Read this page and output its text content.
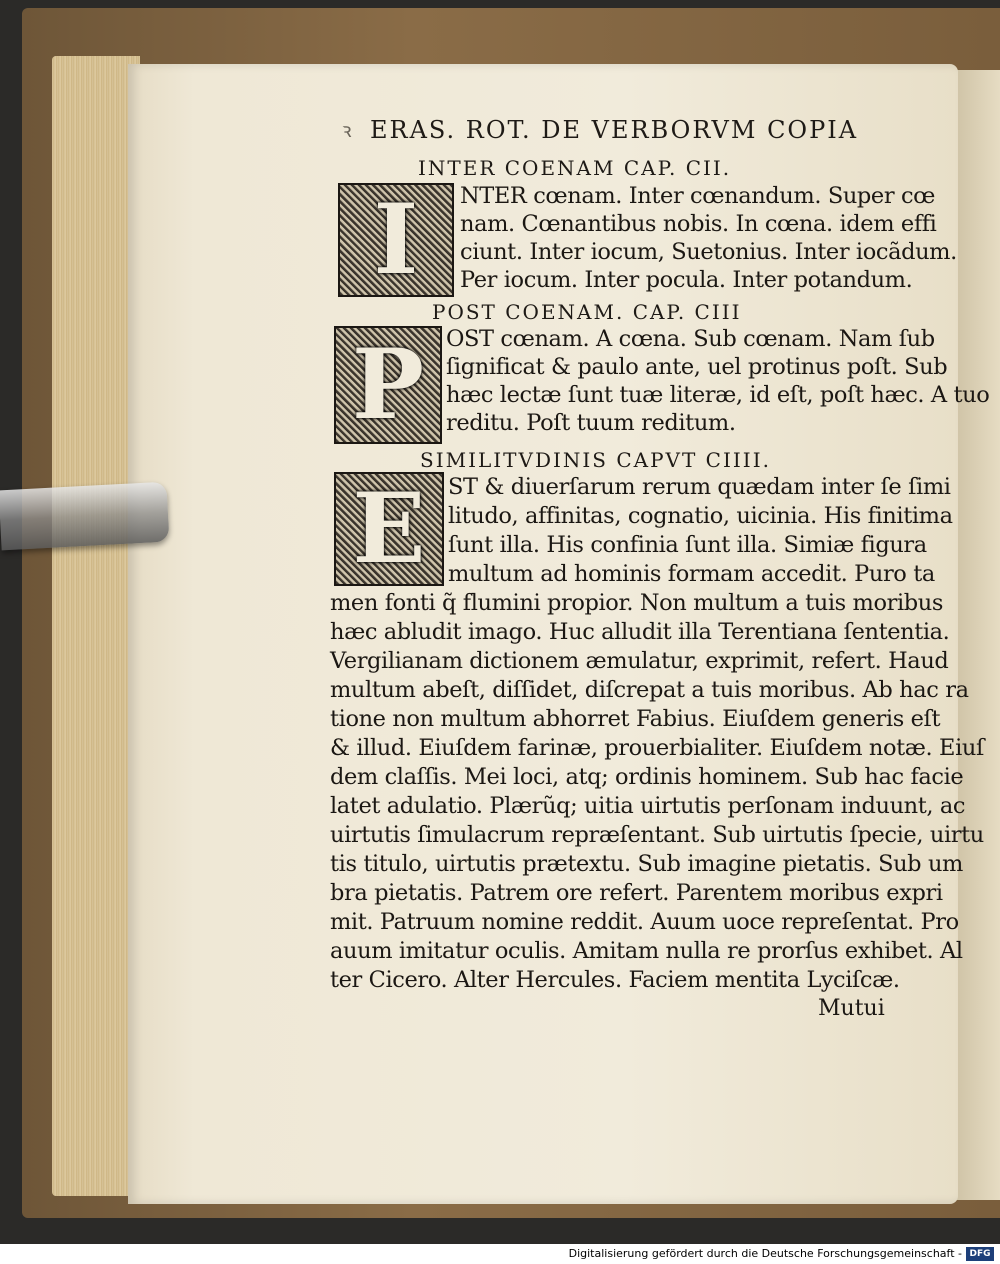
ꝛ ERAS. ROT. DE VERBORVM COPIA
INTER COENAM CAP. CII.
I NTER cœnam. Inter cœnandum. Super cœ
nam. Cœnantibus nobis. In cœna. idem effi
ciunt. Inter iocum, Suetonius. Inter iocãdum.
Per iocum. Inter pocula. Inter potandum.
POST COENAM. CAP. CIII
P OST cœnam. A cœna. Sub cœnam. Nam ſub
ſignificat & paulo ante, uel protinus poſt. Sub
hæc lectæ ſunt tuæ literæ, id eſt, poſt hæc. A tuo
reditu. Poſt tuum reditum.
SIMILITVDINIS CAPVT CIIII.
E ST & diuerſarum rerum quædam inter ſe ſimi
litudo, affinitas, cognatio, uicinia. His finitima
ſunt illa. His confinia ſunt illa. Simiæ figura
multum ad hominis formam accedit. Puro ta
men fonti q̃ flumini propior. Non multum a tuis moribus
hæc abludit imago. Huc alludit illa Terentiana ſententia.
Vergilianam dictionem æmulatur, exprimit, refert. Haud
multum abeſt, diſſidet, diſcrepat a tuis moribus. Ab hac ra
tione non multum abhorret Fabius. Eiuſdem generis eſt
& illud. Eiuſdem farinæ, prouerbialiter. Eiuſdem notæ. Eiuſ
dem claſſis. Mei loci, atq; ordinis hominem. Sub hac facie
latet adulatio. Plærũq; uitia uirtutis perſonam induunt, ac
uirtutis ſimulacrum repræſentant. Sub uirtutis ſpecie, uirtu
tis titulo, uirtutis prætextu. Sub imagine pietatis. Sub um
bra pietatis. Patrem ore refert. Parentem moribus expri
mit. Patruum nomine reddit. Auum uoce repreſentat. Pro
auum imitatur oculis. Amitam nulla re prorſus exhibet. Al
ter Cicero. Alter Hercules. Faciem mentita Lyciſcæ.
Mutui
Digitalisierung gefördert durch die Deutsche Forschungsgemeinschaft - DFG
